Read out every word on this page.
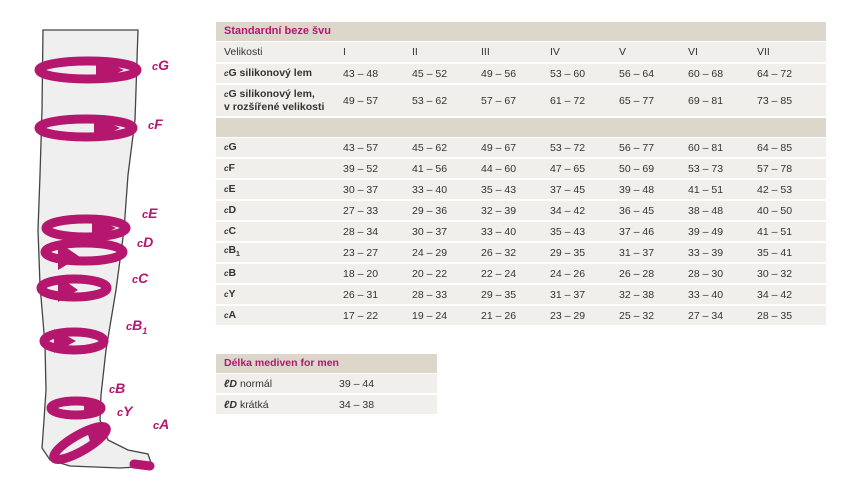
cG
cF
cE
cD
cC
$cB_1$
cB
cY
cA
Standardní beze švu
Velikosti	I	II	III	IV	V	VI	VII
cG silikonový lem	43 – 48	45 – 52	49 – 56	53 – 60	56 – 64	60 – 68	64 – 72
cG silikonový lem,
v rozšířené velikosti
49 – 57	53 – 62	57 – 67	61 – 72	65 – 77	69 – 81	73 – 85
cG	43 – 57	45 – 62	49 – 67	53 – 72	56 – 77	60 – 81	64 – 85
cF	39 – 52	41 – 56	44 – 60	47 – 65	50 – 69	53 – 73	57 – 78
cE	30 – 37	33 – 40	35 – 43	37 – 45	39 – 48	41 – 51	42 – 53
cD	27 – 33	29 – 36	32 – 39	34 – 42	36 – 45	38 – 48	40 – 50
cC	28 – 34	30 – 37	33 – 40	35 – 43	37 – 46	39 – 49	41 – 51
$cB_1$	23 – 27	24 – 29	26 – 32	29 – 35	31 – 37	33 – 39	35 – 41
cB	18 – 20	20 – 22	22 – 24	24 – 26	26 – 28	28 – 30	30 – 32
cY	26 – 31	28 – 33	29 – 35	31 – 37	32 – 38	33 – 40	34 – 42
cA	17 – 22	19 – 24	21 – 26	23 – 29	25 – 32	27 – 34	28 – 35
Délka mediven for men
ℓD normál	39 – 44
ℓD krátká	34 – 38
